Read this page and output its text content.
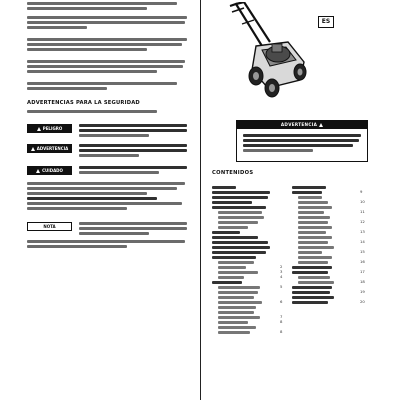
ADVERTENCIAS PARA LA SEGURIDAD
PELIGRO
ADVERTENCIA
CUIDADO
NOTA
ES
ADVERTENCIA
CONTENIDOS
2
3
4
5
6
7
8
8
9
10
11
12
13
14
15
16
17
18
19
20
